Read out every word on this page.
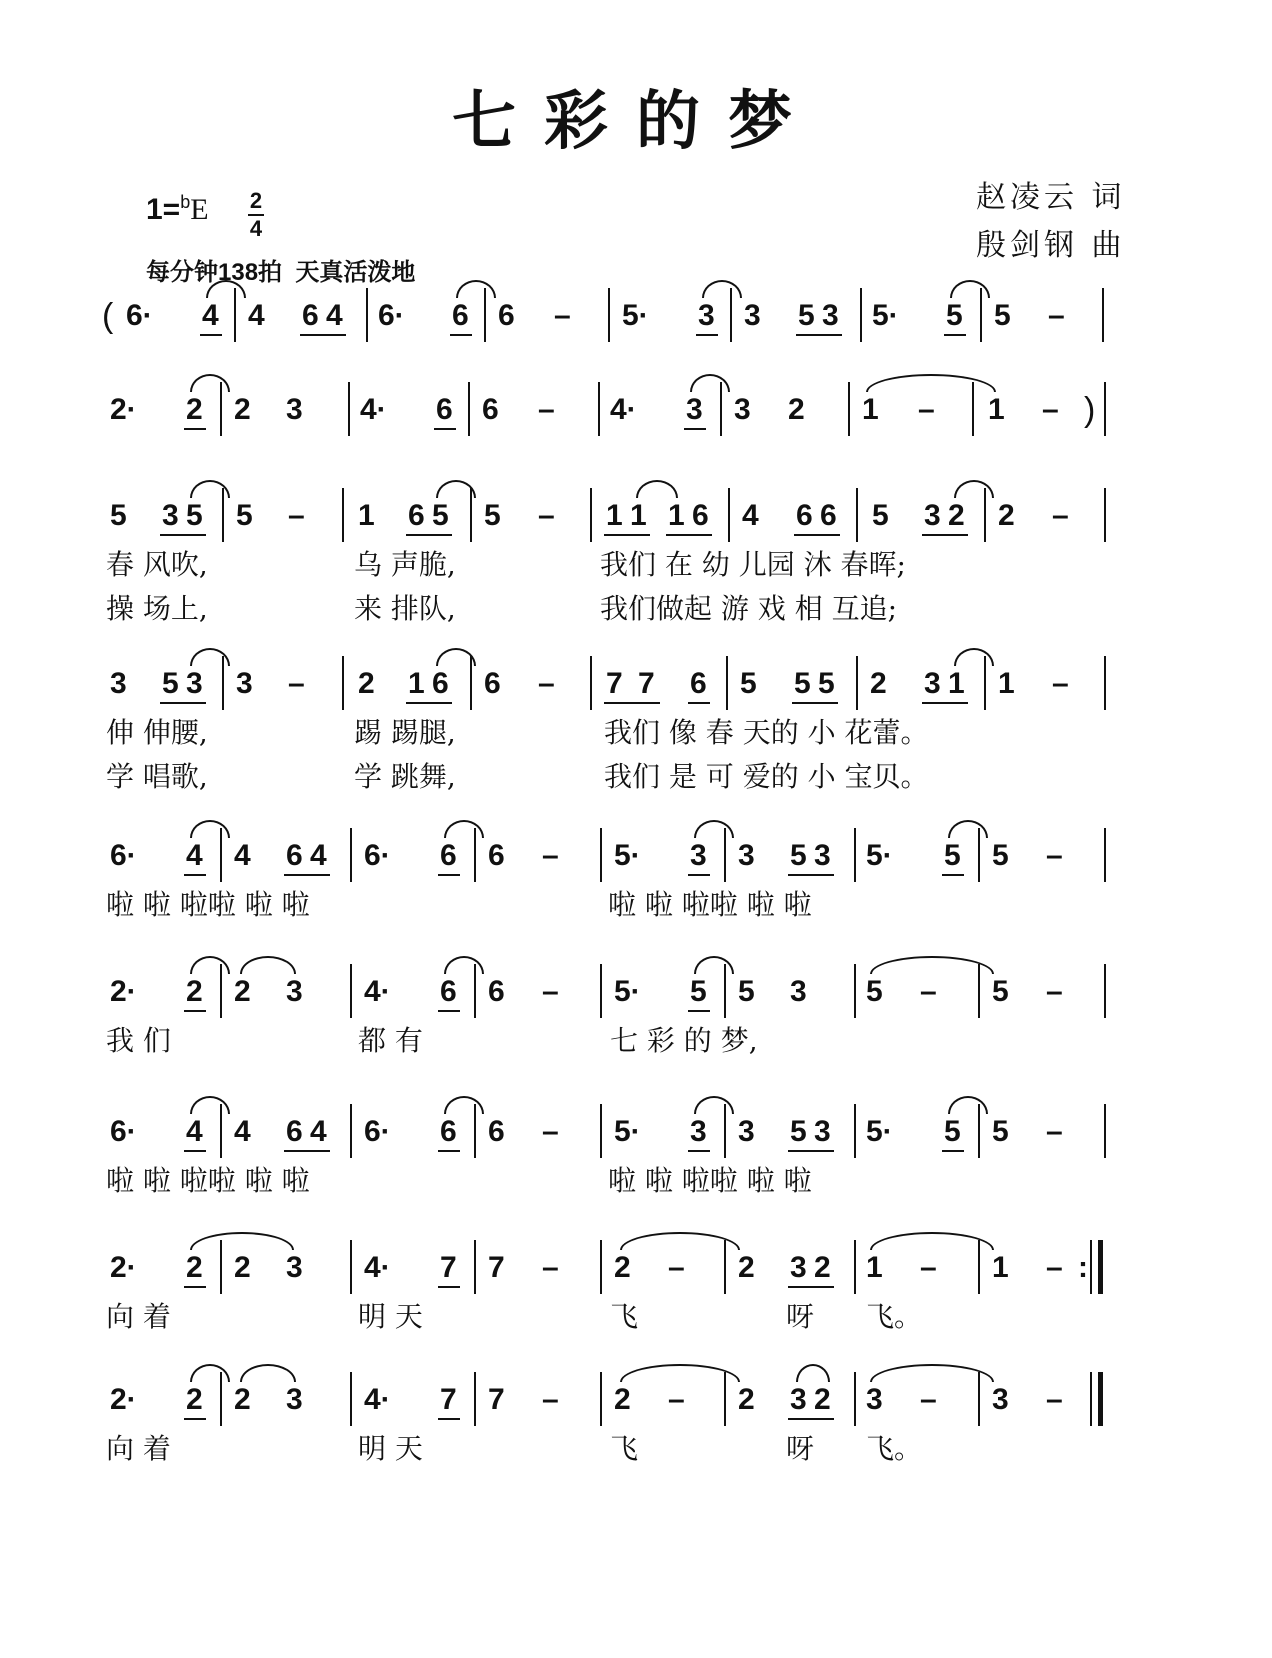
七彩的梦
1=$^b$E 2
4
每分钟138拍  天真活泼地
赵凌云 词
殷剑钢 曲
( 6· 4 4 6 4 6· 6 6 – 5· 3 3 5 3 5· 5 5 –
2· 2 2 3 4· 6 6 – 4· 3 3 2 1 – 1 – )
5 3 5 5 – 1 6 5 5 – 1 1 1 6 4 6 6 5 3 2 2 –
春 风吹,	乌 声脆,	我们 在 幼 儿园 沐 春晖;
操 场上,	来 排队,	我们做起 游 戏 相 互追;
3 5 3 3 – 2 1 6 6 – 7 7 6 5 5 5 2 3 1 1 –
伸 伸腰,	踢 踢腿,	我们 像 春 天的 小 花蕾。
学 唱歌,	学 跳舞,	我们 是 可 爱的 小 宝贝。
6· 4 4 6 4 6· 6 6 – 5· 3 3 5 3 5· 5 5 –
啦 啦 啦啦 啦 啦	啦 啦 啦啦 啦 啦
2· 2 2 3 4· 6 6 – 5· 5 5 3 5 – 5 –
我 们	都 有	七 彩 的 梦,
6· 4 4 6 4 6· 6 6 – 5· 3 3 5 3 5· 5 5 –
啦 啦 啦啦 啦 啦	啦 啦 啦啦 啦 啦
2· 2 2 3 4· 7 7 – 2 – 2 3 2 1 – 1 – :
向 着	明 天	飞	呀 飞。
2· 2 2 3 4· 7 7 – 2 – 2 3 2 3 – 3 –
向 着	明 天	飞	呀 飞。
